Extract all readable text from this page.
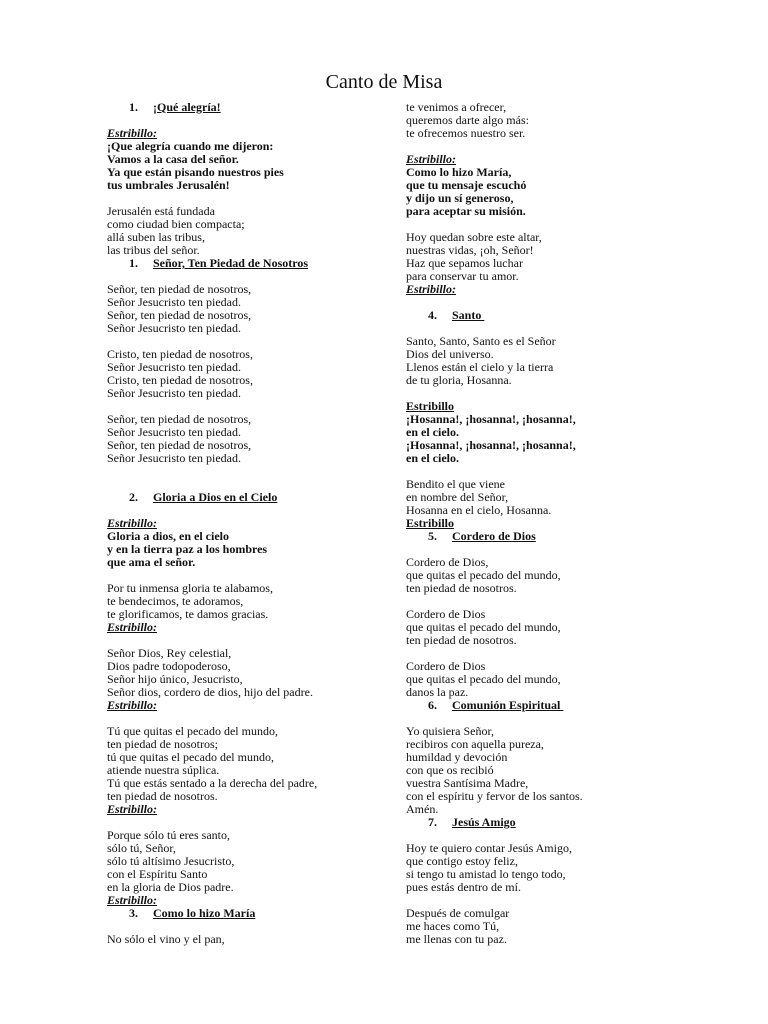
Canto de Misa
1. ¡Qué alegría!
Estribillo:
¡Que alegría cuando me dijeron:
Vamos a la casa del señor.
Ya que están pisando nuestros pies
tus umbrales Jerusalén!
Jerusalén está fundada
como ciudad bien compacta;
allá suben las tribus,
las tribus del señor.
1. Señor, Ten Piedad de Nosotros
Señor, ten piedad de nosotros,
Señor Jesucristo ten piedad.
Señor, ten piedad de nosotros,
Señor Jesucristo ten piedad.
Cristo, ten piedad de nosotros,
Señor Jesucristo ten piedad.
Cristo, ten piedad de nosotros,
Señor Jesucristo ten piedad.
Señor, ten piedad de nosotros,
Señor Jesucristo ten piedad.
Señor, ten piedad de nosotros,
Señor Jesucristo ten piedad.
2. Gloria a Dios en el Cielo
Estribillo:
Gloria a dios, en el cielo
y en la tierra paz a los hombres
que ama el señor.
Por tu inmensa gloria te alabamos,
te bendecimos, te adoramos,
te glorificamos, te damos gracias.
Estribillo:
Señor Dios, Rey celestial,
Dios padre todopoderoso,
Señor hijo único, Jesucristo,
Señor dios, cordero de dios, hijo del padre.
Estribillo:
Tú que quitas el pecado del mundo,
ten piedad de nosotros;
tú que quitas el pecado del mundo,
atiende nuestra súplica.
Tú que estás sentado a la derecha del padre,
ten piedad de nosotros.
Estribillo:
Porque sólo tú eres santo,
sólo tú, Señor,
sólo tú altísimo Jesucristo,
con el Espíritu Santo
en la gloria de Dios padre.
Estribillo:
3. Como lo hizo María
No sólo el vino y el pan,
te venimos a ofrecer,
queremos darte algo más:
te ofrecemos nuestro ser.
Estribillo:
Como lo hizo María,
que tu mensaje escuchó
y dijo un sí generoso,
para aceptar su misión.
Hoy quedan sobre este altar,
nuestras vidas, ¡oh, Señor!
Haz que sepamos luchar
para conservar tu amor.
Estribillo:
4. Santo
Santo, Santo, Santo es el Señor
Dios del universo.
Llenos están el cielo y la tierra
de tu gloria, Hosanna.
Estribillo
¡Hosanna!, ¡hosanna!, ¡hosanna!,
en el cielo.
¡Hosanna!, ¡hosanna!, ¡hosanna!,
en el cielo.
Bendito el que viene
en nombre del Señor,
Hosanna en el cielo, Hosanna.
Estribillo
5. Cordero de Dios
Cordero de Dios,
que quitas el pecado del mundo,
ten piedad de nosotros.
Cordero de Dios
que quitas el pecado del mundo,
ten piedad de nosotros.
Cordero de Dios
que quitas el pecado del mundo,
danos la paz.
6. Comunión Espiritual
Yo quisiera Señor,
recibiros con aquella pureza,
humildad y devoción
con que os recibió
vuestra Santísima Madre,
con el espíritu y fervor de los santos.
Amén.
7. Jesús Amigo
Hoy te quiero contar Jesús Amigo,
que contigo estoy feliz,
si tengo tu amistad lo tengo todo,
pues estás dentro de mí.
Después de comulgar
me haces como Tú,
me llenas con tu paz.
